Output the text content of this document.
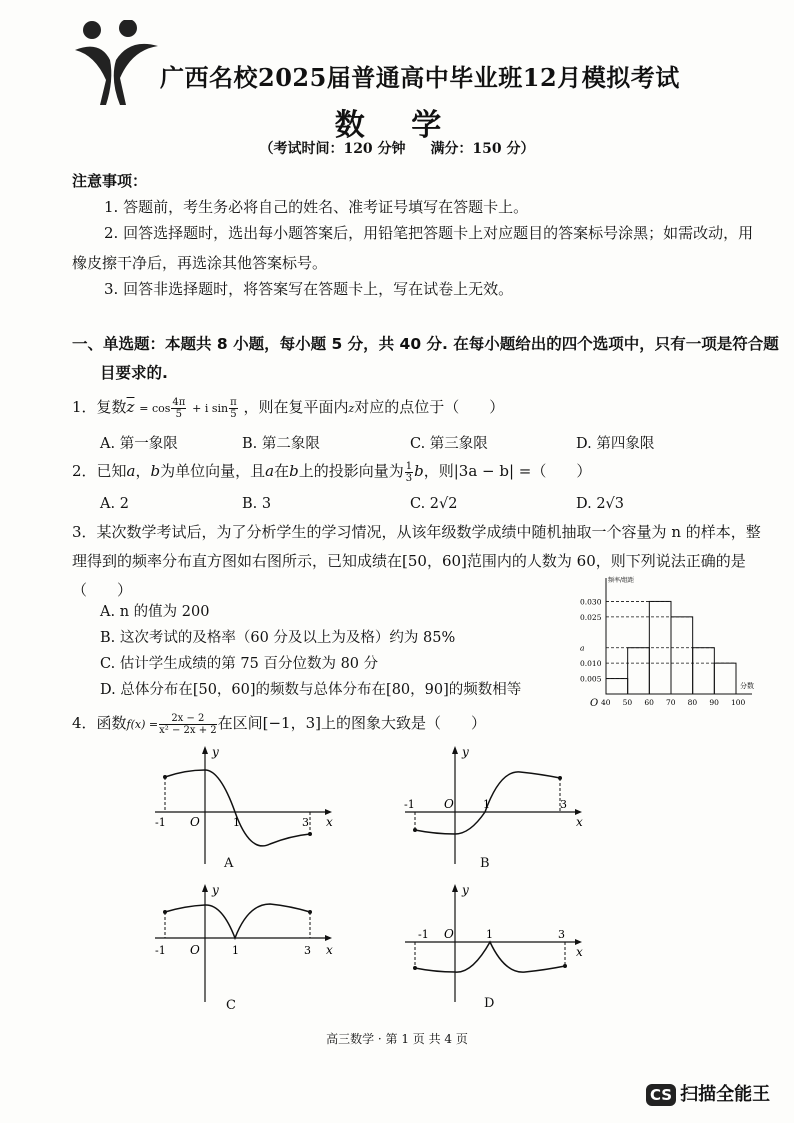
广西名校2025届普通高中毕业班12月模拟考试
数 学
（考试时间：120 分钟 满分：150 分）
注意事项：
1. 答题前，考生务必将自己的姓名、准考证号填写在答题卡上。
2. 回答选择题时，选出每小题答案后，用铅笔把答题卡上对应题目的答案标号涂黑；如需改动，用橡皮擦干净后，再选涂其他答案标号。
3. 回答非选择题时，将答案写在答题卡上，写在试卷上无效。
一、单选题：本题共 8 小题，每小题 5 分，共 40 分. 在每小题给出的四个选项中，只有一项是符合题目要求的.
1．复数$\overline{z} = \cos \frac{4\pi}{5} + i$ $\sin \frac{\pi}{5}$ ，则在复平面内z对应的点位于（　　）
A. 第一象限	B. 第二象限	C. 第三象限	D. 第四象限
2．已知a，b为单位向量，且a在b上的投影向量为 $\frac{1}{3}$ b，则|3a − b| =（　　）
A. 2	B. 3	C. 2√2	D. 2√3
3．某次数学考试后，为了分析学生的学习情况，从该年级数学成绩中随机抽取一个容量为 n 的样本，整理得到的频率分布直方图如右图所示，已知成绩在[50，60]范围内的人数为 60，则下列说法正确的是（　　）
A. n 的值为 200
B. 这次考试的及格率（60 分及以上为及格）约为 85%
C. 估计学生成绩的第 75 百分位数为 80 分
D. 总体分布在[50，60]的频数与总体分布在[80，90]的频数相等
O
频率/组距
分数
0.030
0.025
a
0.010
0.005
40 50 60 70 80 90 100
4．函数$f(x) = \frac{2x - 2}{\text{x² − 2x + 2}}$ 在区间[−1，3]上的图象大致是（　　）
y
x
O
-1	1	3
A
y
x
O
-1	1	3
B
y
x
O
-1	1	3
C
y
x
O
-1	1	3
D
高三数学 · 第 1 页 共 4 页
CS 扫描全能王
